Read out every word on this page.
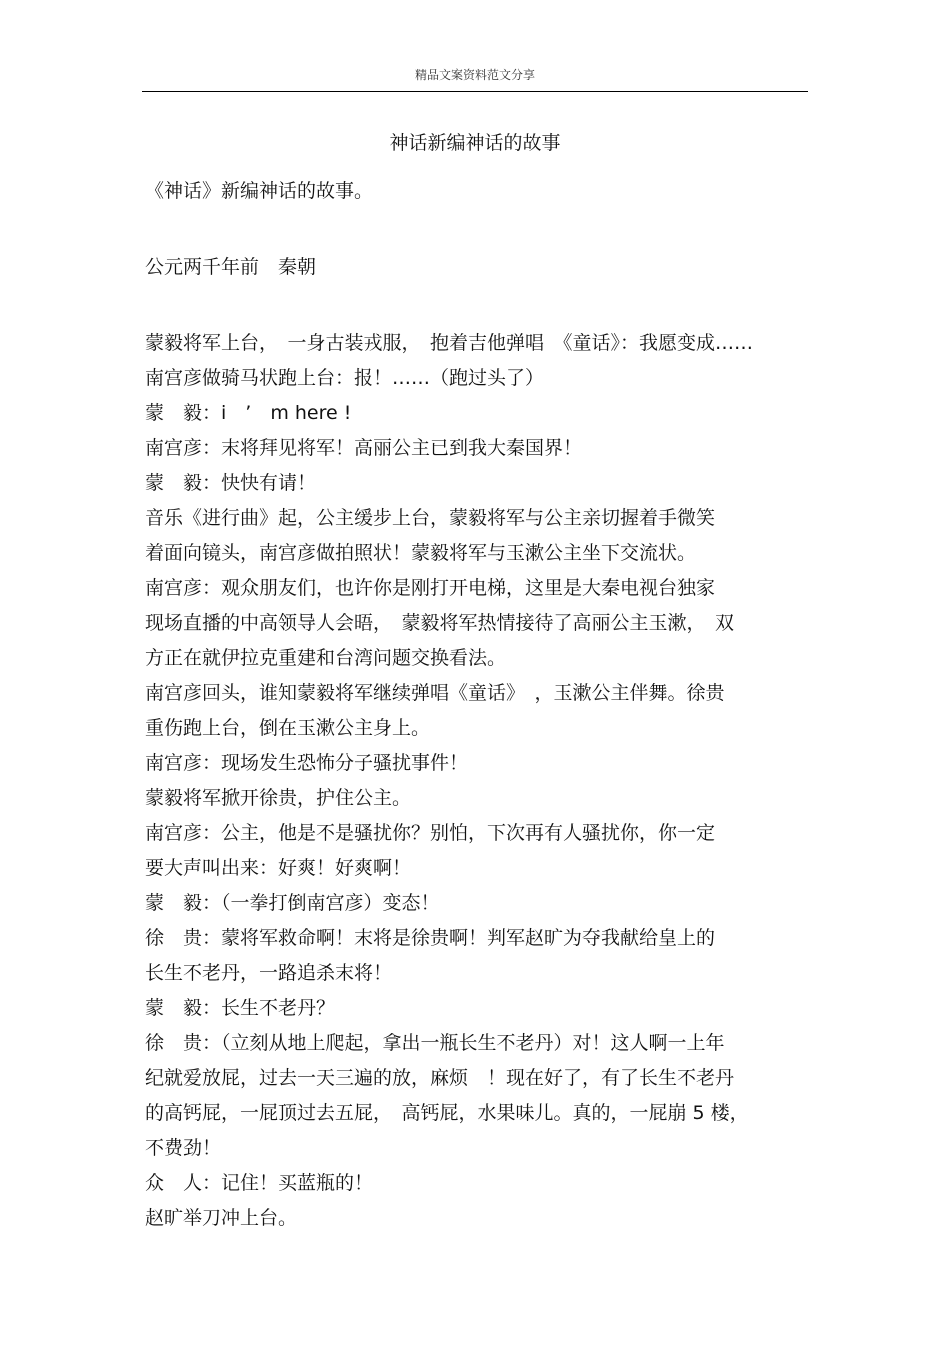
精品文案资料范文分享
神话新编神话的故事
《神话》新编神话的故事。
公元两千年前　秦朝
蒙毅将军上台，　一身古装戎服，　抱着吉他弹唱　《童话》：我愿变成……
南宫彦做骑马状跑上台：报！……（跑过头了）
蒙　毅：i　’　m here !
南宫彦：末将拜见将军！高丽公主已到我大秦国界！
蒙　毅：快快有请！
音乐《进行曲》起，公主缓步上台，蒙毅将军与公主亲切握着手微笑
着面向镜头，南宫彦做拍照状！蒙毅将军与玉漱公主坐下交流状。
南宫彦：观众朋友们，也许你是刚打开电梯，这里是大秦电视台独家
现场直播的中高领导人会晤，　蒙毅将军热情接待了高丽公主玉漱，　双
方正在就伊拉克重建和台湾问题交换看法。
南宫彦回头，谁知蒙毅将军继续弹唱《童话》　，玉漱公主伴舞。徐贵
重伤跑上台，倒在玉漱公主身上。
南宫彦：现场发生恐怖分子骚扰事件！
蒙毅将军掀开徐贵，护住公主。
南宫彦：公主，他是不是骚扰你？别怕，下次再有人骚扰你，你一定
要大声叫出来：好爽！好爽啊！
蒙　毅：（一拳打倒南宫彦）变态！
徐　贵：蒙将军救命啊！末将是徐贵啊！判军赵旷为夺我献给皇上的
长生不老丹，一路追杀末将！
蒙　毅：长生不老丹？
徐　贵：（立刻从地上爬起，拿出一瓶长生不老丹）对！这人啊一上年
纪就爱放屁，过去一天三遍的放，麻烦　！现在好了，有了长生不老丹
的高钙屁，一屁顶过去五屁，　高钙屁，水果味儿。真的，一屁崩 5 楼，
不费劲！
众　人：记住！买蓝瓶的！
赵旷举刀冲上台。
